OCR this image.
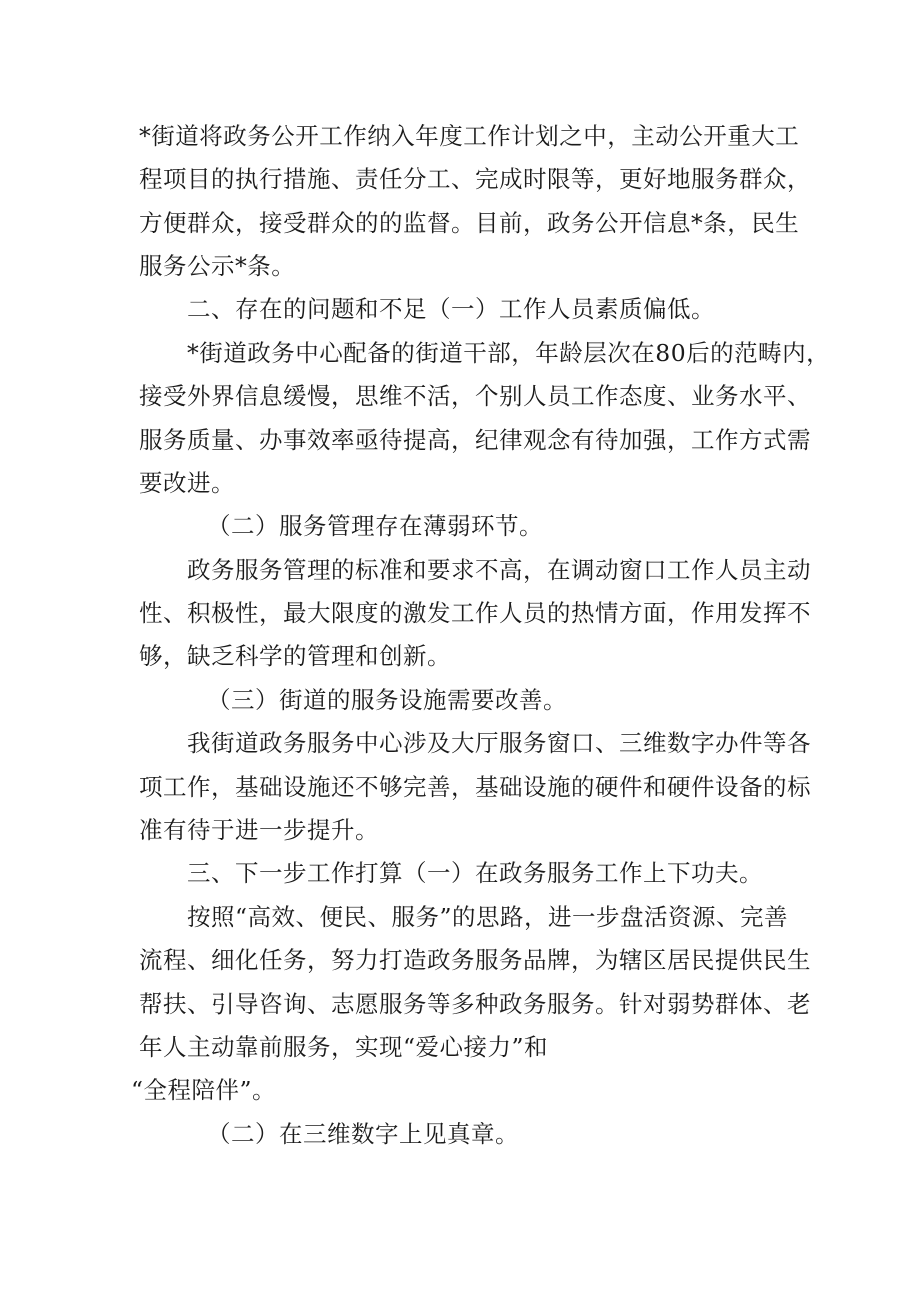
*街道将政务公开工作纳入年度工作计划之中，主动公开重大工
程项目的执行措施、责任分工、完成时限等，更好地服务群众，
方便群众，接受群众的的监督。目前，政务公开信息*条，民生
服务公示*条。
二、存在的问题和不足（一）工作人员素质偏低。
*街道政务中心配备的街道干部，年龄层次在80后的范畴内，
接受外界信息缓慢，思维不活，个别人员工作态度、业务水平、
服务质量、办事效率亟待提高，纪律观念有待加强，工作方式需
要改进。
（二）服务管理存在薄弱环节。
政务服务管理的标准和要求不高，在调动窗口工作人员主动
性、积极性，最大限度的激发工作人员的热情方面，作用发挥不
够，缺乏科学的管理和创新。
（三）街道的服务设施需要改善。
我街道政务服务中心涉及大厅服务窗口、三维数字办件等各
项工作，基础设施还不够完善，基础设施的硬件和硬件设备的标
准有待于进一步提升。
三、下一步工作打算（一）在政务服务工作上下功夫。
按照“高效、便民、服务”的思路，进一步盘活资源、完善
流程、细化任务，努力打造政务服务品牌，为辖区居民提供民生
帮扶、引导咨询、志愿服务等多种政务服务。针对弱势群体、老
年人主动靠前服务，实现“爱心接力”和
“全程陪伴”。
（二）在三维数字上见真章。
